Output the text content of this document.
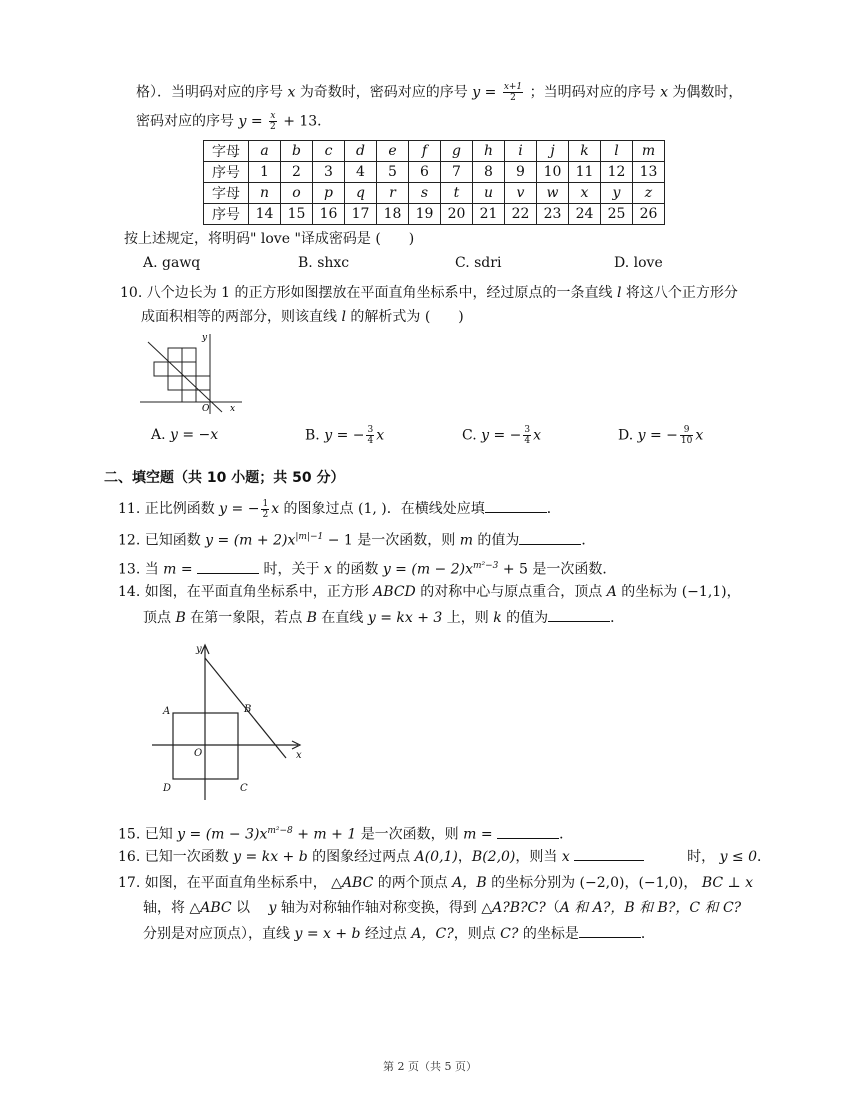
格）．当明码对应的序号 x 为奇数时，密码对应的序号 $y = \frac{x+1}{2}$ ；当明码对应的序号 x 为偶数时，
密码对应的序号 $y = \frac{x}{2} + 13$．
字母	a	b	c	d	e	f	g	h	i	j	k	l	m
序号	1	2	3	4	5	6	7	8	9	10	11	12	13
字母	n	o	p	q	r	s	t	u	v	w	x	y	z
序号	14	15	16	17	18	19	20	21	22	23	24	25	26
按上述规定，将明码" love "译成密码是 (　　)
A. gawq	B. shxc	C. sdri	D. love
10. 八个边长为 1 的正方形如图摆放在平面直角坐标系中，经过原点的一条直线 l 将这八个正方形分
成面积相等的两部分，则该直线 l 的解析式为 (　　)
y
O x
A. y = −x	B. y = − $\frac{3}{4}$ x	C. y = − $\frac{3}{4}$ x	D. y = − $\frac{9}{10}$ x
二、填空题（共 10 小题；共 50 分）
11. 正比例函数 y = − $\frac{1}{2}$ x 的图象过点 (1, )．在横线处应填	．
12. 已知函数 $y = (m + 2)x^{|m|-1} - 1$ 是一次函数，则 m 的值为	．
13. 当 m =	时，关于 x 的函数 $y = (m - 2)x^{m^2-3} + 5$ 是一次函数．
14. 如图，在平面直角坐标系中，正方形 ABCD 的对称中心与原点重合，顶点 A 的坐标为 (−1,1)，
顶点 B 在第一象限，若点 B 在直线 y = kx + 3 上，则 k 的值为	．
y
x
O
A	B
C
D
15. 已知 $y = (m - 3)x^{m^2-8} + m + 1$ 是一次函数，则 m =	．
16. 已知一次函数 y = kx + b 的图象经过两点 A(0,1)，B(2,0)，则当 x	时， y ≤ 0．
17. 如图，在平面直角坐标系中， △ABC 的两个顶点 A，B 的坐标分别为 (−2,0)，(−1,0)， BC ⊥ x
轴，将 △ABC 以　 y 轴为对称轴作轴对称变换，得到 △A?B?C?（A 和 A?，B 和 B?，C 和 C?
分别是对应顶点），直线 y = x + b 经过点 A，C?，则点 C? 的坐标是	．
第 2 页（共 5 页）
